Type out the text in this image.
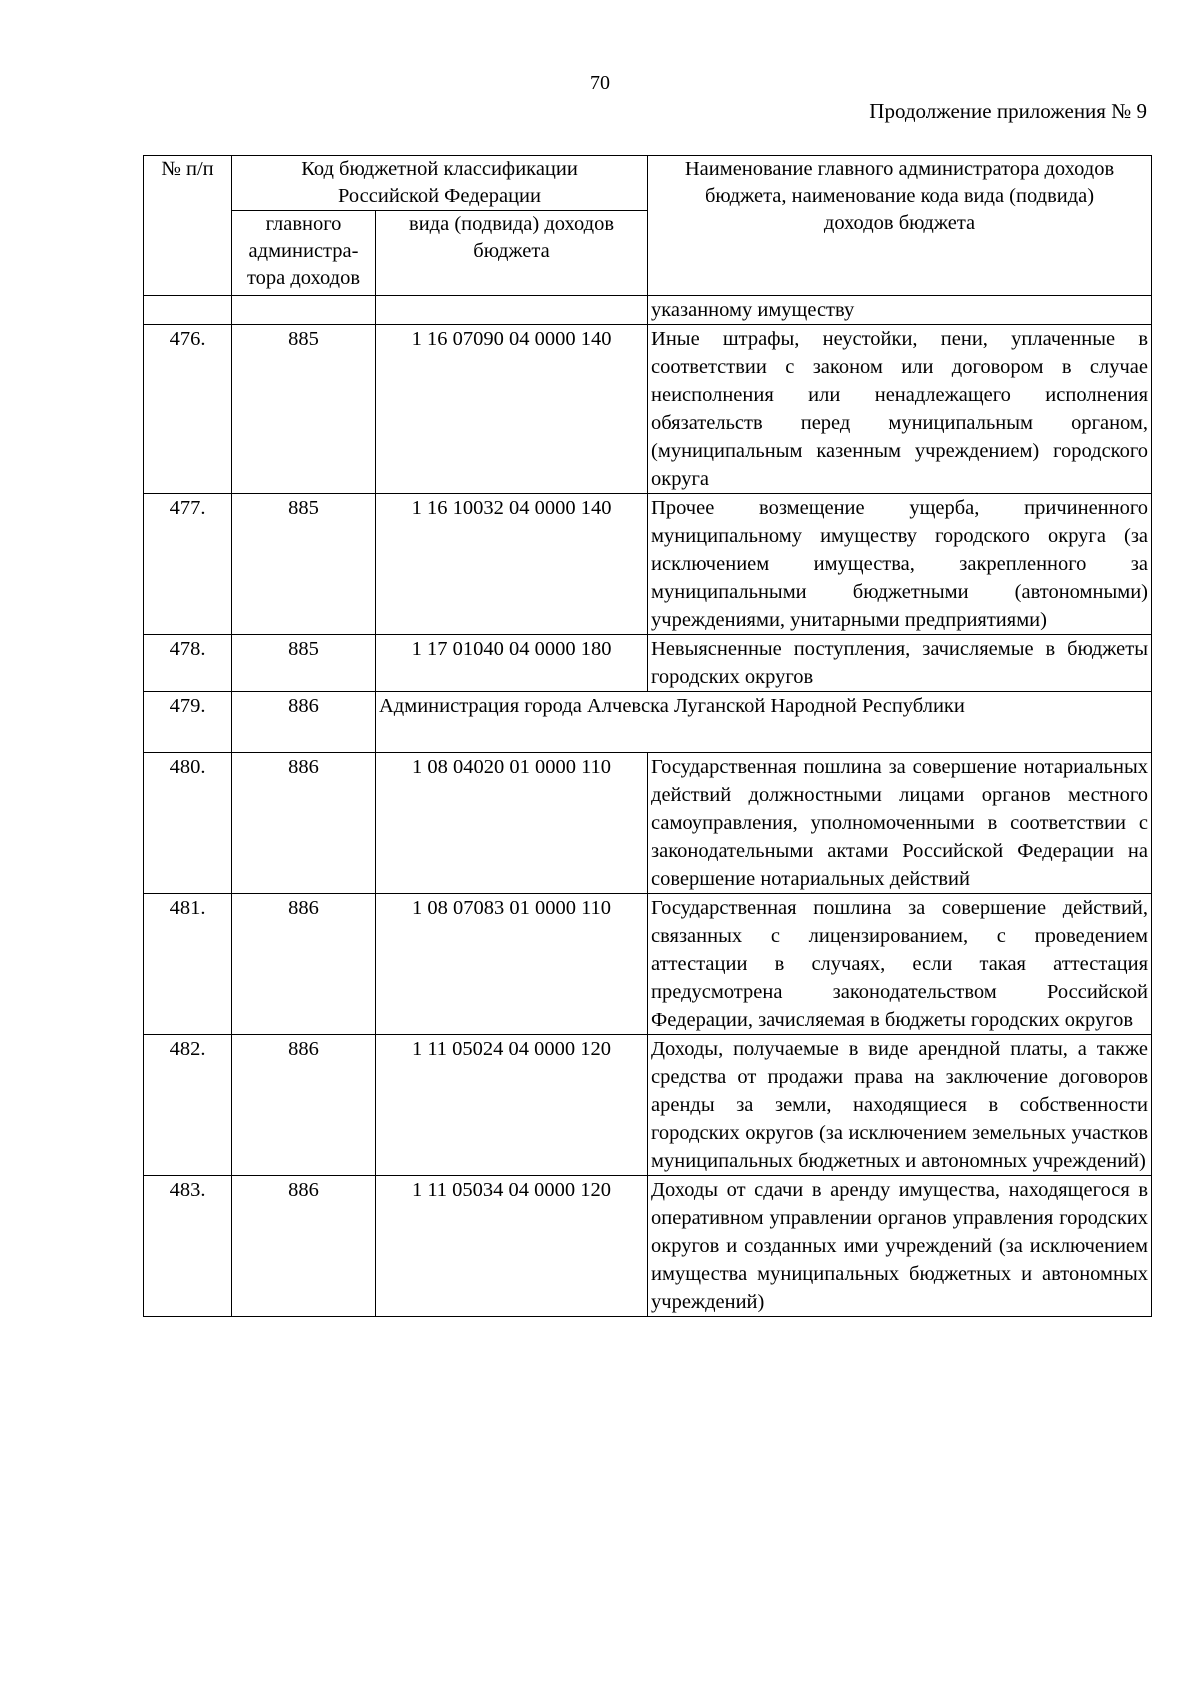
70
Продолжение приложения № 9
№ п/п	Код бюджетной классификации Российской Федерации		Наименование главного администратора доходов бюджета, наименование кода вида (подвида) доходов бюджета
	главного администра-тора доходов	вида (подвида) доходов бюджета	
			указанному имуществу
476.	885	1 16 07090 04 0000 140	Иные штрафы, неустойки, пени, уплаченные в соответствии с законом или договором в случае неисполнения или ненадлежащего исполнения обязательств перед муниципальным органом, (муниципальным казенным учреждением) городского округа
477.	885	1 16 10032 04 0000 140	Прочее возмещение ущерба, причиненного муниципальному имуществу городского округа (за исключением имущества, закрепленного за муниципальными бюджетными (автономными) учреждениями, унитарными предприятиями)
478.	885	1 17 01040 04 0000 180	Невыясненные поступления, зачисляемые в бюджеты городских округов
479.	886	Администрация города Алчевска Луганской Народной Республики	
480.	886	1 08 04020 01 0000 110	Государственная пошлина за совершение нотариальных действий должностными лицами органов местного самоуправления, уполномоченными в соответствии с законодательными актами Российской Федерации на совершение нотариальных действий
481.	886	1 08 07083 01 0000 110	Государственная пошлина за совершение действий, связанных с лицензированием, с проведением аттестации в случаях, если такая аттестация предусмотрена законодательством Российской Федерации, зачисляемая в бюджеты городских округов
482.	886	1 11 05024 04 0000 120	Доходы, получаемые в виде арендной платы, а также средства от продажи права на заключение договоров аренды за земли, находящиеся в собственности городских округов (за исключением земельных участков муниципальных бюджетных и автономных учреждений)
483.	886	1 11 05034 04 0000 120	Доходы от сдачи в аренду имущества, находящегося в оперативном управлении органов управления городских округов и созданных ими учреждений (за исключением имущества муниципальных бюджетных и автономных учреждений)
